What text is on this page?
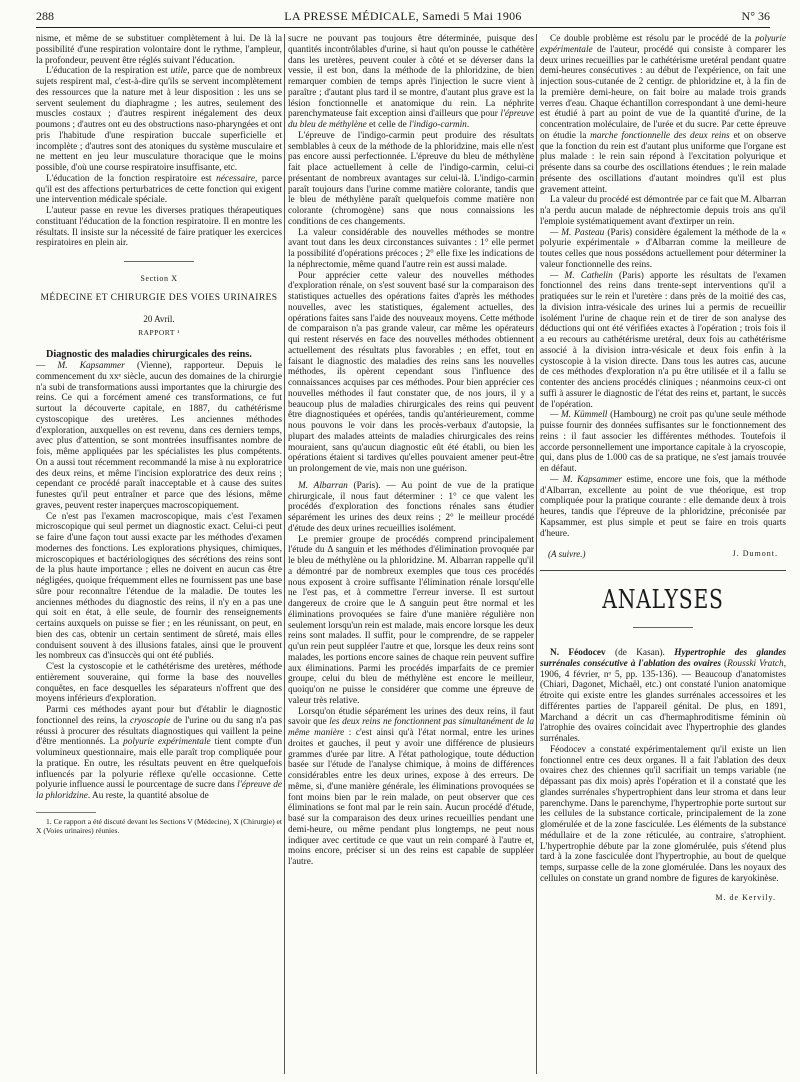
288	LA PRESSE MÉDICALE, Samedi 5 Mai 1906	N° 36

nisme, et même de se substituer complètement à lui. De là la possibilité d'une respiration volontaire dont le rythme, l'ampleur, la profondeur, peuvent être réglés suivant l'éducation.

L'éducation de la respiration est utile, parce que de nombreux sujets respirent mal, c'est-à-dire qu'ils se servent incomplètement des ressources que la nature met à leur disposition : les uns se servent seulement du diaphragme ; les autres, seulement des muscles costaux ; d'autres respirent inégalement des deux poumons ; d'autres ont eu des obstructions naso-pharyngées et ont pris l'habitude d'une respiration buccale superficielle et incomplète ; d'autres sont des atoniques du système musculaire et ne mettent en jeu leur musculature thoracique que le moins possible, d'où une course respiratoire insuffisante, etc.

L'éducation de la fonction respiratoire est nécessaire, parce qu'il est des affections perturbatrices de cette fonction qui exigent une intervention médicale spéciale.

L'auteur passe en revue les diverses pratiques thérapeutiques constituant l'éducation de la fonction respiratoire. Il en montre les résultats. Il insiste sur la nécessité de faire pratiquer les exercices respiratoires en plein air.

Section X
MÉDECINE ET CHIRURGIE DES VOIES URINAIRES
20 Avril.
RAPPORT ¹

Diagnostic des maladies chirurgicales des reins.

— M. Kapsammer (Vienne), rapporteur. Depuis le commencement du xxᵉ siècle, aucun des domaines de la chirurgie n'a subi de transformations aussi importantes que la chirurgie des reins. Ce qui a forcément amené ces transformations, ce fut surtout la découverte capitale, en 1887, du cathétérisme cystoscopique des uretères. Les anciennes méthodes d'exploration, auxquelles on est revenu, dans ces derniers temps, avec plus d'attention, se sont montrées insuffisantes nombre de fois, même appliquées par les spécialistes les plus compétents. On a aussi tout récemment recommandé la mise à nu exploratrice des deux reins, et même l'incision exploratrice des deux reins ; cependant ce procédé paraît inacceptable et à cause des suites funestes qu'il peut entraîner et parce que des lésions, même graves, peuvent rester inaperçues macroscopiquement.

Ce n'est pas l'examen macroscopique, mais c'est l'examen microscopique qui seul permet un diagnostic exact. Celui-ci peut se faire d'une façon tout aussi exacte par les méthodes d'examen modernes des fonctions. Les explorations physiques, chimiques, microscopiques et bactériologiques des sécrétions des reins sont de la plus haute importance ; elles ne doivent en aucun cas être négligées, quoique fréquemment elles ne fournissent pas une base sûre pour reconnaître l'étendue de la maladie. De toutes les anciennes méthodes du diagnostic des reins, il n'y en a pas une qui soit en état, à elle seule, de fournir des renseignements certains auxquels on puisse se fier ; en les réunissant, on peut, en bien des cas, obtenir un certain sentiment de sûreté, mais elles conduisent souvent à des illusions fatales, ainsi que le prouvent les nombreux cas d'insuccès qui ont été publiés.

C'est la cystoscopie et le cathétérisme des uretères, méthode entièrement souveraine, qui forme la base des nouvelles conquêtes, en face desquelles les séparateurs n'offrent que des moyens inférieurs d'exploration.

Parmi ces méthodes ayant pour but d'établir le diagnostic fonctionnel des reins, la cryoscopie de l'urine ou du sang n'a pas réussi à procurer des résultats diagnostiques qui vaillent la peine d'être mentionnés. La polyurie expérimentale tient compte d'un volumineux questionnaire, mais elle paraît trop compliquée pour la pratique. En outre, les résultats peuvent en être quelquefois influencés par la polyurie réflexe qu'elle occasionne. Cette polyurie influence aussi le pourcentage de sucre dans l'épreuve de la phloridzine. Au reste, la quantité absolue de

1. Ce rapport a été discuté devant les Sections V (Médecine), X (Chirurgie) et X (Voies urinaires) réunies.

sucre ne pouvant pas toujours être déterminée, puisque des quantités incontrôlables d'urine, si haut qu'on pousse le cathétère dans les uretères, peuvent couler à côté et se déverser dans la vessie, il est bon, dans la méthode de la phloridzine, de bien remarquer combien de temps après l'injection le sucre vient à paraître ; d'autant plus tard il se montre, d'autant plus grave est la lésion fonctionnelle et anatomique du rein. La néphrite parenchymateuse fait exception ainsi d'ailleurs que pour l'épreuve du bleu de méthylène et celle de l'indigo-carmin.

L'épreuve de l'indigo-carmin peut produire des résultats semblables à ceux de la méthode de la phloridzine, mais elle n'est pas encore aussi perfectionnée. L'épreuve du bleu de méthylène fait place actuellement à celle de l'indigo-carmin, celui-ci présentant de nombreux avantages sur celui-là. L'indigo-carmin paraît toujours dans l'urine comme matière colorante, tandis que le bleu de méthylène paraît quelquefois comme matière non colorante (chromogène) sans que nous connaissions les conditions de ces changements.

La valeur considérable des nouvelles méthodes se montre avant tout dans les deux circonstances suivantes : 1° elle permet la possibilité d'opérations précoces ; 2° elle fixe les indications de la néphrectomie, même quand l'autre rein est aussi malade.

Pour apprécier cette valeur des nouvelles méthodes d'exploration rénale, on s'est souvent basé sur la comparaison des statistiques actuelles des opérations faites d'après les méthodes nouvelles, avec les statistiques, également actuelles, des opérations faites sans l'aide des nouveaux moyens. Cette méthode de comparaison n'a pas grande valeur, car même les opérateurs qui restent réservés en face des nouvelles méthodes obtiennent actuellement des résultats plus favorables ; en effet, tout en faisant le diagnostic des maladies des reins sans les nouvelles méthodes, ils opèrent cependant sous l'influence des connaissances acquises par ces méthodes. Pour bien apprécier ces nouvelles méthodes il faut constater que, de nos jours, il y a beaucoup plus de maladies chirurgicales des reins qui peuvent être diagnostiquées et opérées, tandis qu'antérieurement, comme nous pouvons le voir dans les procès-verbaux d'autopsie, la plupart des malades atteints de maladies chirurgicales des reins mouraient, sans qu'aucun diagnostic eût été établi, ou bien les opérations étaient si tardives qu'elles pouvaient amener peut-être un prolongement de vie, mais non une guérison.

M. Albarran (Paris). — Au point de vue de la pratique chirurgicale, il nous faut déterminer : 1° ce que valent les procédés d'exploration des fonctions rénales sans étudier séparément les urines des deux reins ; 2° le meilleur procédé d'étude des deux urines recueillies isolément.

Le premier groupe de procédés comprend principalement l'étude du Δ sanguin et les méthodes d'élimination provoquée par le bleu de méthylène ou la phloridzine. M. Albarran rappelle qu'il a démontré par de nombreux exemples que tous ces procédés nous exposent à croire suffisante l'élimination rénale lorsqu'elle ne l'est pas, et à commettre l'erreur inverse. Il est surtout dangereux de croire que le Δ sanguin peut être normal et les éliminations provoquées se faire d'une manière régulière non seulement lorsqu'un rein est malade, mais encore lorsque les deux reins sont malades. Il suffit, pour le comprendre, de se rappeler qu'un rein peut suppléer l'autre et que, lorsque les deux reins sont malades, les portions encore saines de chaque rein peuvent suffire aux éliminations. Parmi les procédés imparfaits de ce premier groupe, celui du bleu de méthylène est encore le meilleur, quoiqu'on ne puisse le considérer que comme une épreuve de valeur très relative.

Lorsqu'on étudie séparément les urines des deux reins, il faut savoir que les deux reins ne fonctionnent pas simultanément de la même manière : c'est ainsi qu'à l'état normal, entre les urines droites et gauches, il peut y avoir une différence de plusieurs grammes d'urée par litre. A l'état pathologique, toute déduction basée sur l'étude de l'analyse chimique, à moins de différences considérables entre les deux urines, expose à des erreurs. De même, si, d'une manière générale, les éliminations provoquées se font moins bien par le rein malade, on peut observer que ces éliminations se font mal par le rein sain. Aucun procédé d'étude, basé sur la comparaison des deux urines recueillies pendant une demi-heure, ou même pendant plus longtemps, ne peut nous indiquer avec certitude ce que vaut un rein comparé à l'autre et, moins encore, préciser si un des reins est capable de suppléer l'autre.

Ce double problème est résolu par le procédé de la polyurie expérimentale de l'auteur, procédé qui consiste à comparer les deux urines recueillies par le cathétérisme uretéral pendant quatre demi-heures consécutives : au début de l'expérience, on fait une injection sous-cutanée de 2 centigr. de phloridzine et, à la fin de la première demi-heure, on fait boire au malade trois grands verres d'eau. Chaque échantillon correspondant à une demi-heure est étudié à part au point de vue de la quantité d'urine, de la concentration moléculaire, de l'urée et du sucre. Par cette épreuve on étudie la marche fonctionnelle des deux reins et on observe que la fonction du rein est d'autant plus uniforme que l'organe est plus malade : le rein sain répond à l'excitation polyurique et présente dans sa courbe des oscillations étendues ; le rein malade présente des oscillations d'autant moindres qu'il est plus gravement atteint.

La valeur du procédé est démontrée par ce fait que M. Albarran n'a perdu aucun malade de néphrectomie depuis trois ans qu'il l'emploie systématiquement avant d'extirper un rein.

— M. Pasteau (Paris) considère également la méthode de la « polyurie expérimentale » d'Albarran comme la meilleure de toutes celles que nous possédons actuellement pour déterminer la valeur fonctionnelle des reins.

— M. Cathelin (Paris) apporte les résultats de l'examen fonctionnel des reins dans trente-sept interventions qu'il a pratiquées sur le rein et l'uretère : dans près de la moitié des cas, la division intra-vésicale des urines lui a permis de recueillir isolément l'urine de chaque rein et de tirer de son analyse des déductions qui ont été vérifiées exactes à l'opération ; trois fois il a eu recours au cathétérisme uretéral, deux fois au cathétérisme associé à la division intra-vésicale et deux fois enfin à la cystoscopie à la vision directe. Dans tous les autres cas, aucune de ces méthodes d'exploration n'a pu être utilisée et il a fallu se contenter des anciens procédés cliniques ; néanmoins ceux-ci ont suffi à assurer le diagnostic de l'état des reins et, partant, le succès de l'opération.

— M. Kümmell (Hambourg) ne croit pas qu'une seule méthode puisse fournir des données suffisantes sur le fonctionnement des reins : il faut associer les différentes méthodes. Toutefois il accorde personnellement une importance capitale à la cryoscopie, qui, dans plus de 1.000 cas de sa pratique, ne s'est jamais trouvée en défaut.

— M. Kapsammer estime, encore une fois, que la méthode d'Albarran, excellente au point de vue théorique, est trop compliquée pour la pratique courante : elle demande deux à trois heures, tandis que l'épreuve de la phloridzine, préconisée par Kapsammer, est plus simple et peut se faire en trois quarts d'heure.

(A suivre.)	J. Dumont.
ANALYSES

N. Féodocev (de Kasan). Hypertrophie des glandes surrénales consécutive à l'ablation des ovaires (Rousski Vratch, 1906, 4 février, nᵒ 5, pp. 135-136). — Beaucoup d'anatomistes (Chiari, Dagonet, Michaël, etc.) ont constaté l'union anatomique étroite qui existe entre les glandes surrénales accessoires et les différentes parties de l'appareil génital. De plus, en 1891, Marchand a décrit un cas d'hermaphroditisme féminin où l'atrophie des ovaires coïncidait avec l'hypertrophie des glandes surrénales.

Féodocev a constaté expérimentalement qu'il existe un lien fonctionnel entre ces deux organes. Il a fait l'ablation des deux ovaires chez des chiennes qu'il sacrifiait un temps variable (ne dépassant pas dix mois) après l'opération et il a constaté que les glandes surrénales s'hypertrophient dans leur stroma et dans leur parenchyme. Dans le parenchyme, l'hypertrophie porte surtout sur les cellules de la substance corticale, principalement de la zone glomérulée et de la zone fasciculée. Les éléments de la substance médullaire et de la zone réticulée, au contraire, s'atrophient. L'hypertrophie débute par la zone glomérulée, puis s'étend plus tard à la zone fasciculée dont l'hypertrophie, au bout de quelque temps, surpasse celle de la zone glomérulée. Dans les noyaux des cellules on constate un grand nombre de figures de karyokinèse.

M. de Kervily.
